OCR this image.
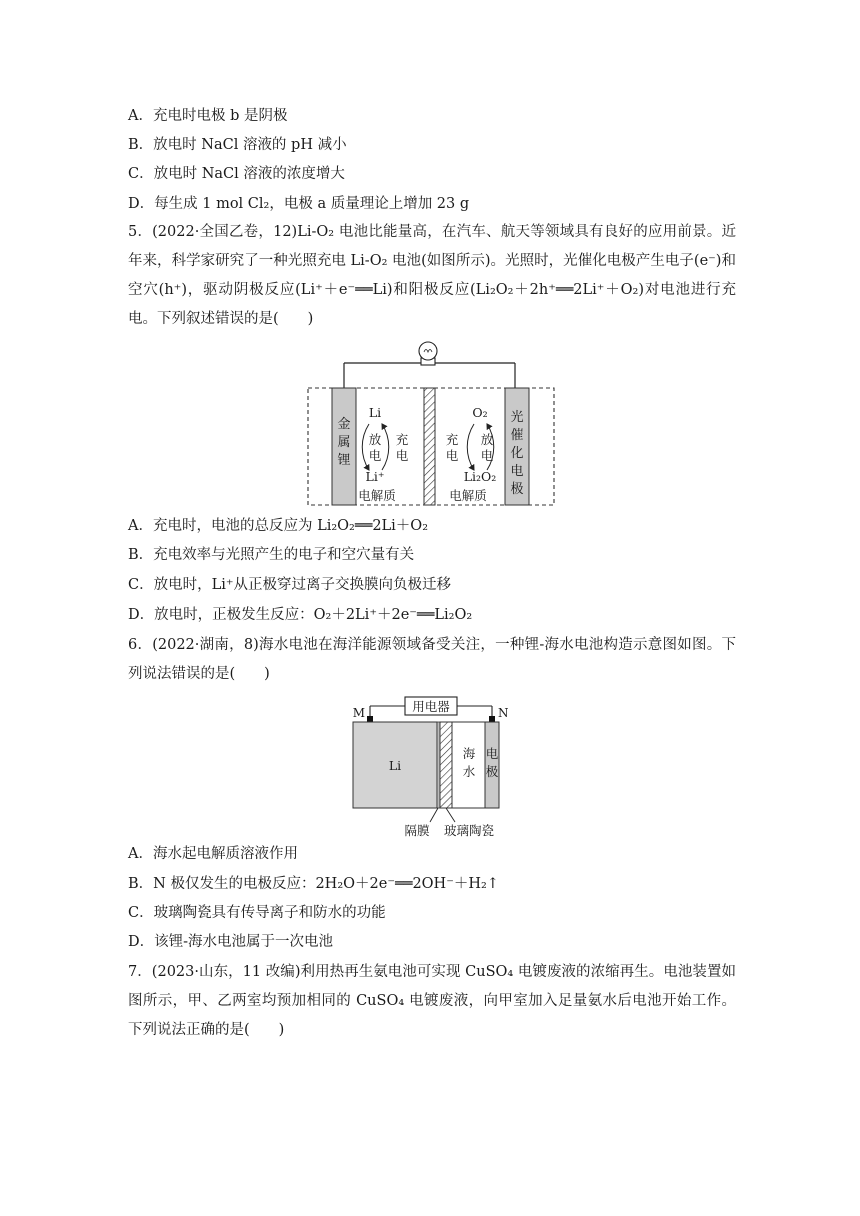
A．充电时电极 b 是阴极
B．放电时 NaCl 溶液的 pH 减小
C．放电时 NaCl 溶液的浓度增大
D．每生成 1 mol Cl₂，电极 a 质量理论上增加 23 g
5．(2022·全国乙卷，12)Li-O₂ 电池比能量高，在汽车、航天等领域具有良好的应用前景。近年来，科学家研究了一种光照充电 Li-O₂ 电池(如图所示)。光照时，光催化电极产生电子(e⁻)和空穴(h⁺)，驱动阴极反应(Li⁺＋e⁻══Li)和阳极反应(Li₂O₂＋2h⁺══2Li⁺＋O₂)对电池进行充电。下列叙述错误的是(　　)
金属锂
光催化电极
Li
Li⁺
放电
充电
电解质
O₂
Li₂O₂
充电
放电
电解质
A．充电时，电池的总反应为 Li₂O₂══2Li＋O₂
B．充电效率与光照产生的电子和空穴量有关
C．放电时，Li⁺从正极穿过离子交换膜向负极迁移
D．放电时，正极发生反应：O₂＋2Li⁺＋2e⁻══Li₂O₂
6．(2022·湖南，8)海水电池在海洋能源领域备受关注，一种锂-海水电池构造示意图如图。下列说法错误的是(　　)
用电器
M	N
Li
海水
电极
隔膜 玻璃陶瓷
A．海水起电解质溶液作用
B．N 极仅发生的电极反应：2H₂O＋2e⁻══2OH⁻＋H₂↑
C．玻璃陶瓷具有传导离子和防水的功能
D．该锂-海水电池属于一次电池
7．(2023·山东，11 改编)利用热再生氨电池可实现 CuSO₄ 电镀废液的浓缩再生。电池装置如图所示，甲、乙两室均预加相同的 CuSO₄ 电镀废液，向甲室加入足量氨水后电池开始工作。下列说法正确的是(　　)
